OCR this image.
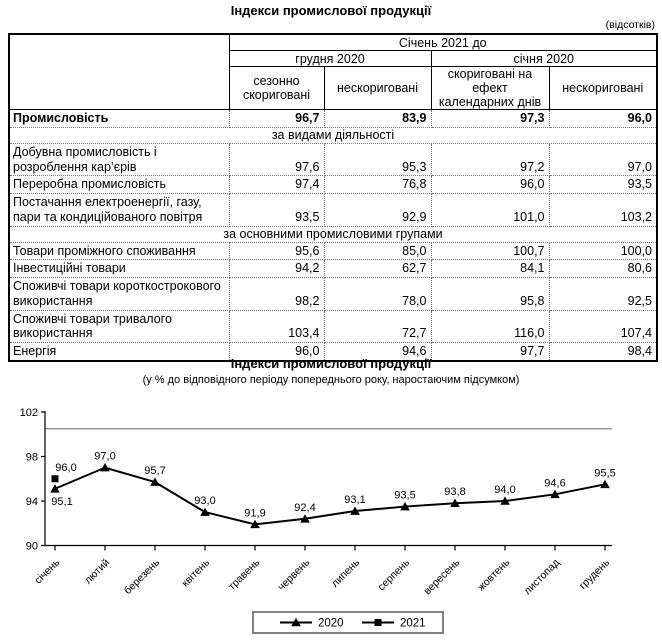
Індекси промислової продукції
(відсотків)
	Січень 2021 до			
	грудня 2020		січня 2020	
	сезонно скориговані	нескориговані	скориговані на ефект календарних днів	нескориговані
Промисловість	96,7	83,9	97,3	96,0
за видами діяльності				
Добувна промисловість і розроблення кар’єрів	97,6	95,3	97,2	97,0
Переробна промисловість	97,4	76,8	96,0	93,5
Постачання електроенергії, газу, пари та кондиційованого повітря	93,5	92,9	101,0	103,2
за основними промисловими групами				
Товари проміжного споживання	95,6	85,0	100,7	100,0
Інвестиційні товари	94,2	62,7	84,1	80,6
Споживчі товари короткострокового використання	98,2	78,0	95,8	92,5
Споживчі товари тривалого використання	103,4	72,7	116,0	107,4
Енергія	96,0	94,6	97,7	98,4
Індекси промислової продукції
(у % до відповідного періоду попереднього року, наростаючим підсумком)
90
94
98
102
січень лютий березень квітень травень червень липень серпень вересень жовтень листопад грудень
95,1
97,0
95,7
93,0
91,9	92,4
93,1	93,5	93,8	94,0
94,6
95,5
96,0
2020	2021
